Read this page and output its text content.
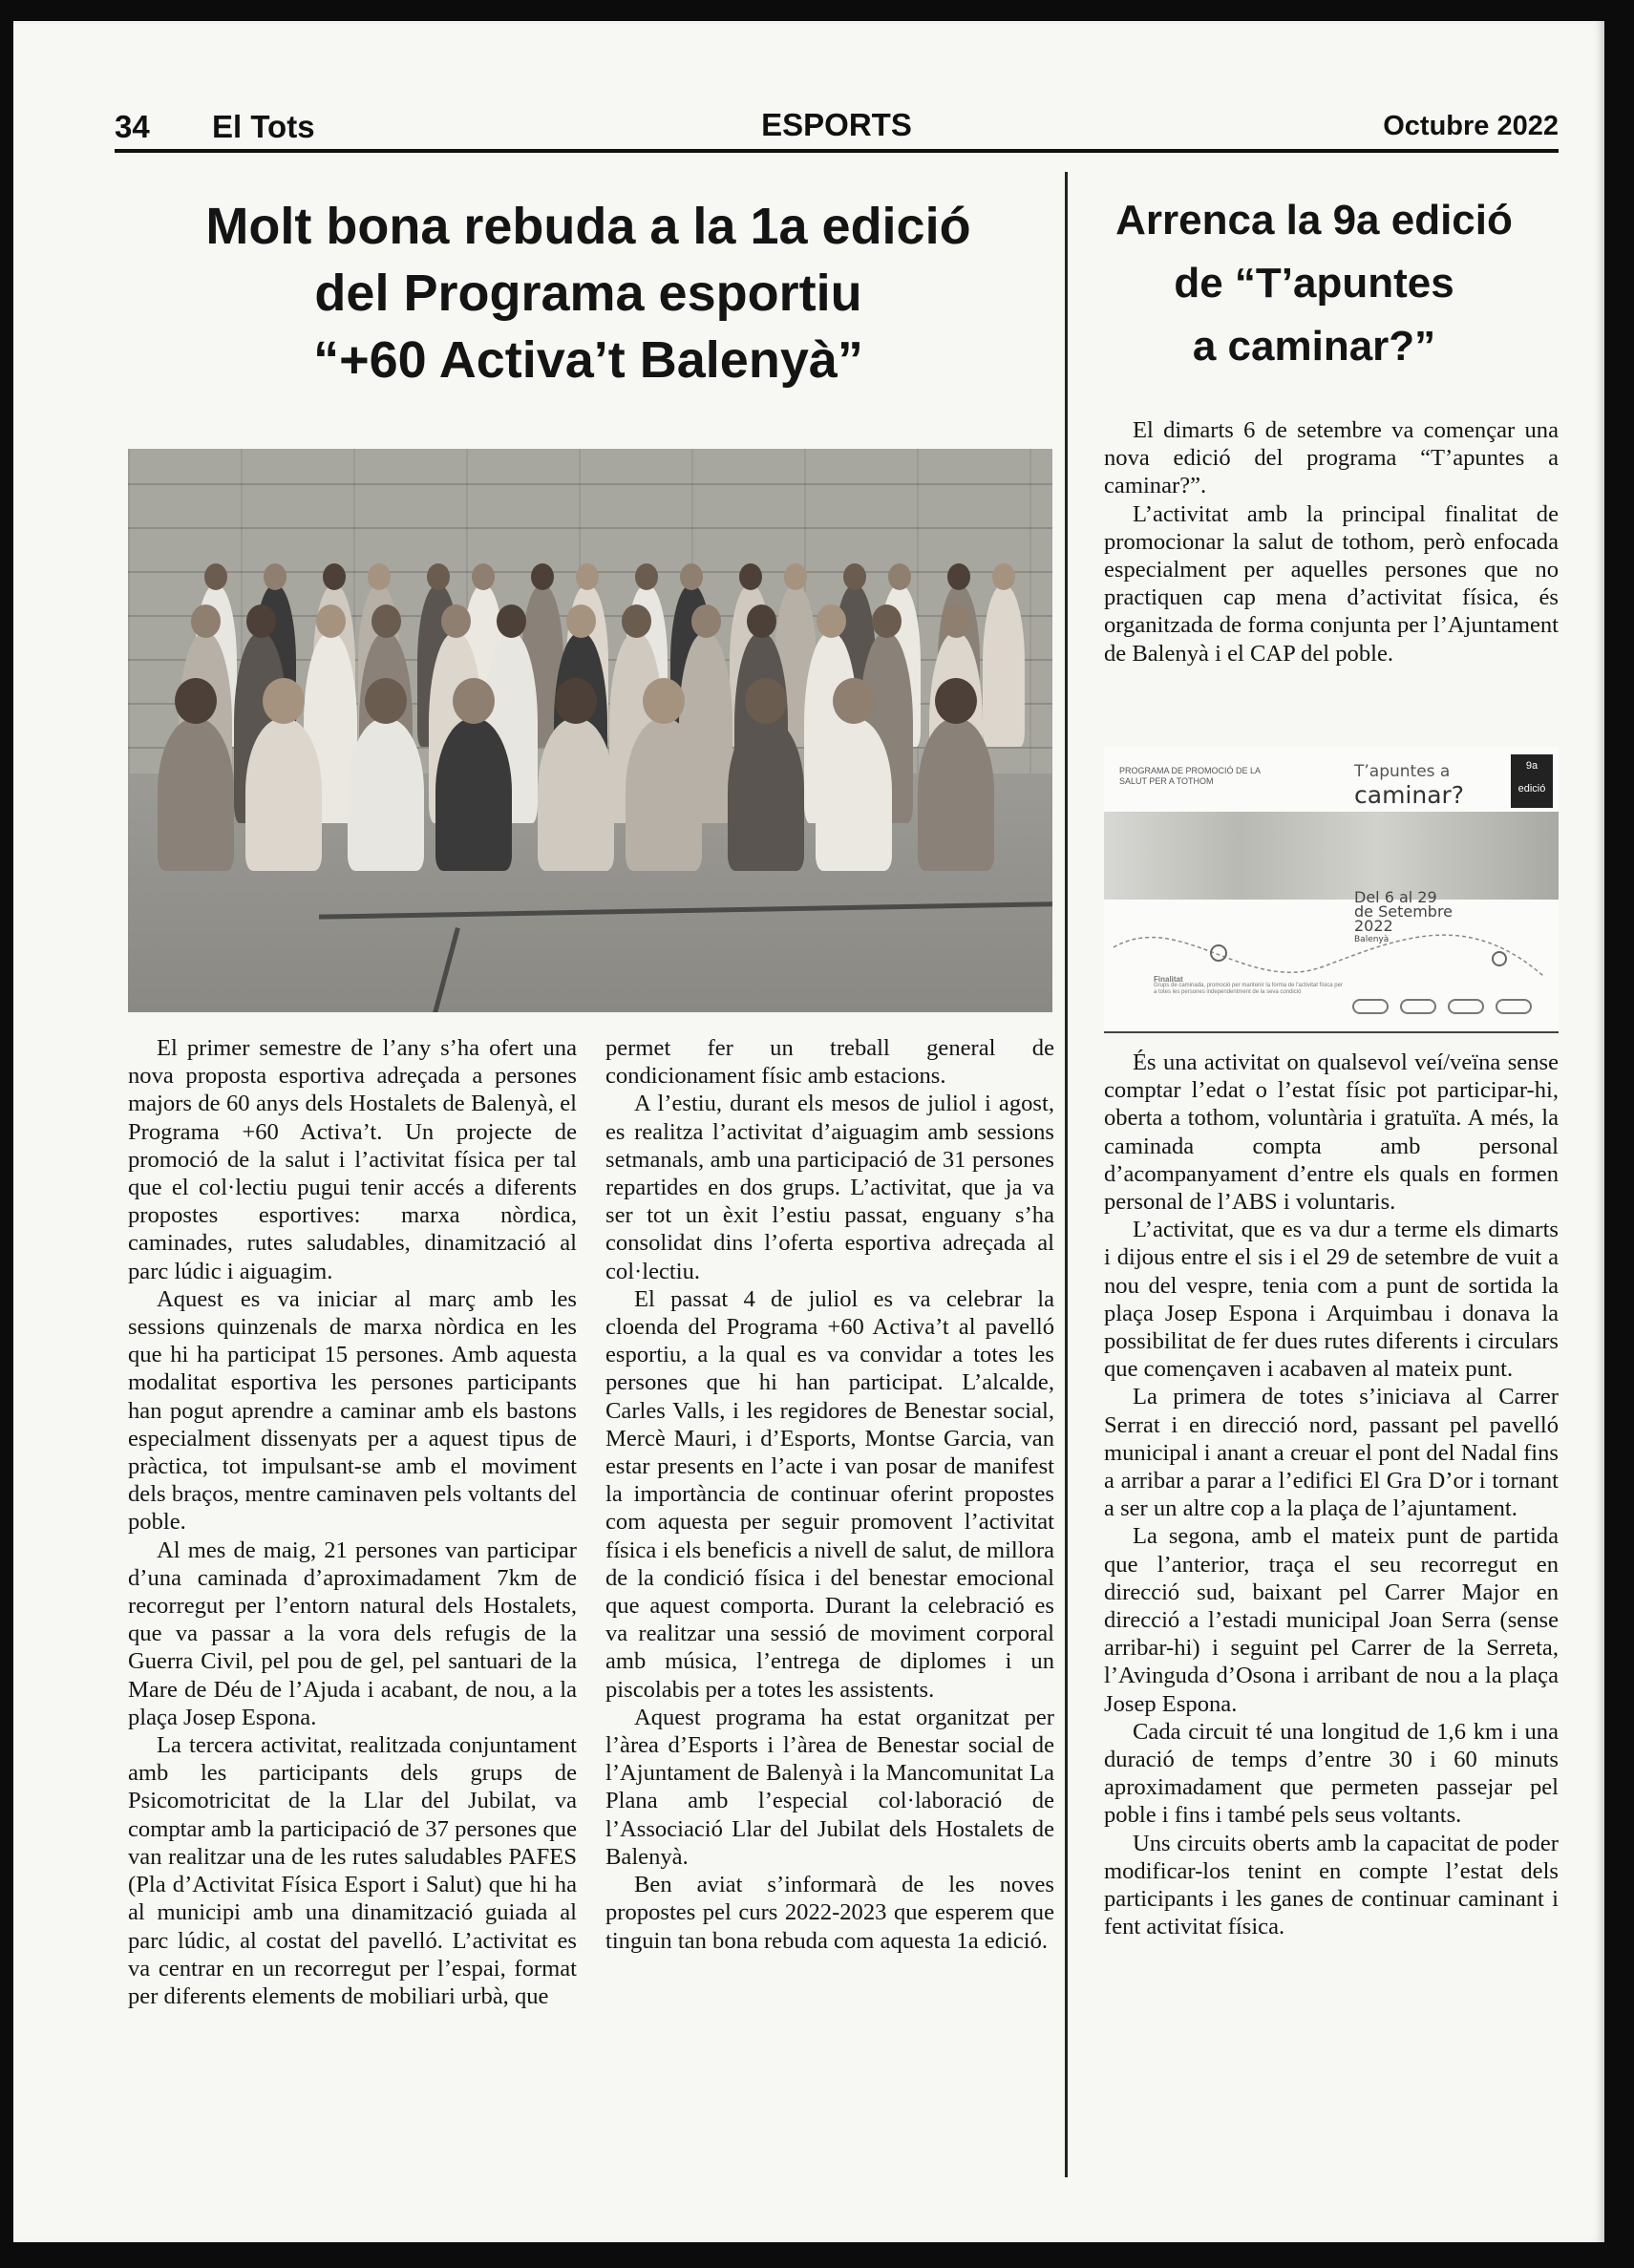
34 El Tots	ESPORTS	Octubre 2022
Molt bona rebuda a la 1a edició
del Programa esportiu
“+60 Activa’t Balenyà”

El primer semestre de l’any s’ha ofert una nova proposta esportiva adreçada a persones majors de 60 anys dels Hostalets de Balenyà, el Programa +60 Activa’t. Un projecte de promoció de la salut i l’activitat física per tal que el col·lectiu pugui tenir accés a diferents propostes esportives: marxa nòrdica, caminades, rutes saludables, dinamització al parc lúdic i aiguagim.

Aquest es va iniciar al març amb les sessions quinzenals de marxa nòrdica en les que hi ha participat 15 persones. Amb aquesta modalitat esportiva les persones participants han pogut aprendre a caminar amb els bastons especialment dissenyats per a aquest tipus de pràctica, tot impulsant-se amb el moviment dels braços, mentre caminaven pels voltants del poble.

Al mes de maig, 21 persones van participar d’una caminada d’aproximadament 7km de recorregut per l’entorn natural dels Hostalets, que va passar a la vora dels refugis de la Guerra Civil, pel pou de gel, pel santuari de la Mare de Déu de l’Ajuda i acabant, de nou, a la plaça Josep Espona.

La tercera activitat, realitzada conjuntament amb les participants dels grups de Psicomotricitat de la Llar del Jubilat, va comptar amb la participació de 37 persones que van realitzar una de les rutes saludables PAFES (Pla d’Activitat Física Esport i Salut) que hi ha al municipi amb una dinamització guiada al parc lúdic, al costat del pavelló. L’activitat es va centrar en un recorregut per l’espai, format per diferents elements de mobiliari urbà, que

permet fer un treball general de condicionament físic amb estacions.

A l’estiu, durant els mesos de juliol i agost, es realitza l’activitat d’aiguagim amb sessions setmanals, amb una participació de 31 persones repartides en dos grups. L’activitat, que ja va ser tot un èxit l’estiu passat, enguany s’ha consolidat dins l’oferta esportiva adreçada al col·lectiu.

El passat 4 de juliol es va celebrar la cloenda del Programa +60 Activa’t al pavelló esportiu, a la qual es va convidar a totes les persones que hi han participat. L’alcalde, Carles Valls, i les regidores de Benestar social, Mercè Mauri, i d’Esports, Montse Garcia, van estar presents en l’acte i van posar de manifest la importància de continuar oferint propostes com aquesta per seguir promovent l’activitat física i els beneficis a nivell de salut, de millora de la condició física i del benestar emocional que aquest comporta. Durant la celebració es va realitzar una sessió de moviment corporal amb música, l’entrega de diplomes i un piscolabis per a totes les assistents.

Aquest programa ha estat organitzat per l’àrea d’Esports i l’àrea de Benestar social de l’Ajuntament de Balenyà i la Mancomunitat La Plana amb l’especial col·laboració de l’Associació Llar del Jubilat dels Hostalets de Balenyà.

Ben aviat s’informarà de les noves propostes pel curs 2022-2023 que esperem que tinguin tan bona rebuda com aquesta 1a edició.

Arrenca la 9a edició
de “T’apuntes
a caminar?”

El dimarts 6 de setembre va començar una nova edició del programa “T’apuntes a caminar?”.

L’activitat amb la principal finalitat de promocionar la salut de tothom, però enfocada especialment per aquelles persones que no practiquen cap mena d’activitat física, és organitzada de forma conjunta per l’Ajuntament de Balenyà i el CAP del poble.

PROGRAMA DE PROMOCIÓ DE LA SALUT PER A TOTHOM	T’apuntes a
caminar?
9a edició
Del 6 al 29
de Setembre
2022
Balenyà
Finalitat
Grups de caminada, promoció per mantenir la forma de l'activitat física per a totes les persones independentment de la seva condició

És una activitat on qualsevol veí/veïna sense comptar l’edat o l’estat físic pot participar-hi, oberta a tothom, voluntària i gratuïta. A més, la caminada compta amb personal d’acompanyament d’entre els quals en formen personal de l’ABS i voluntaris.

L’activitat, que es va dur a terme els dimarts i dijous entre el sis i el 29 de setembre de vuit a nou del vespre, tenia com a punt de sortida la plaça Josep Espona i Arquimbau i donava la possibilitat de fer dues rutes diferents i circulars que començaven i acabaven al mateix punt.

La primera de totes s’iniciava al Carrer Serrat i en direcció nord, passant pel pavelló municipal i anant a creuar el pont del Nadal fins a arribar a parar a l’edifici El Gra D’or i tornant a ser un altre cop a la plaça de l’ajuntament.

La segona, amb el mateix punt de partida que l’anterior, traça el seu recorregut en direcció sud, baixant pel Carrer Major en direcció a l’estadi municipal Joan Serra (sense arribar-hi) i seguint pel Carrer de la Serreta, l’Avinguda d’Osona i arribant de nou a la plaça Josep Espona.

Cada circuit té una longitud de 1,6 km i una duració de temps d’entre 30 i 60 minuts aproximadament que permeten passejar pel poble i fins i també pels seus voltants.

Uns circuits oberts amb la capacitat de poder modificar-los tenint en compte l’estat dels participants i les ganes de continuar caminant i fent activitat física.
